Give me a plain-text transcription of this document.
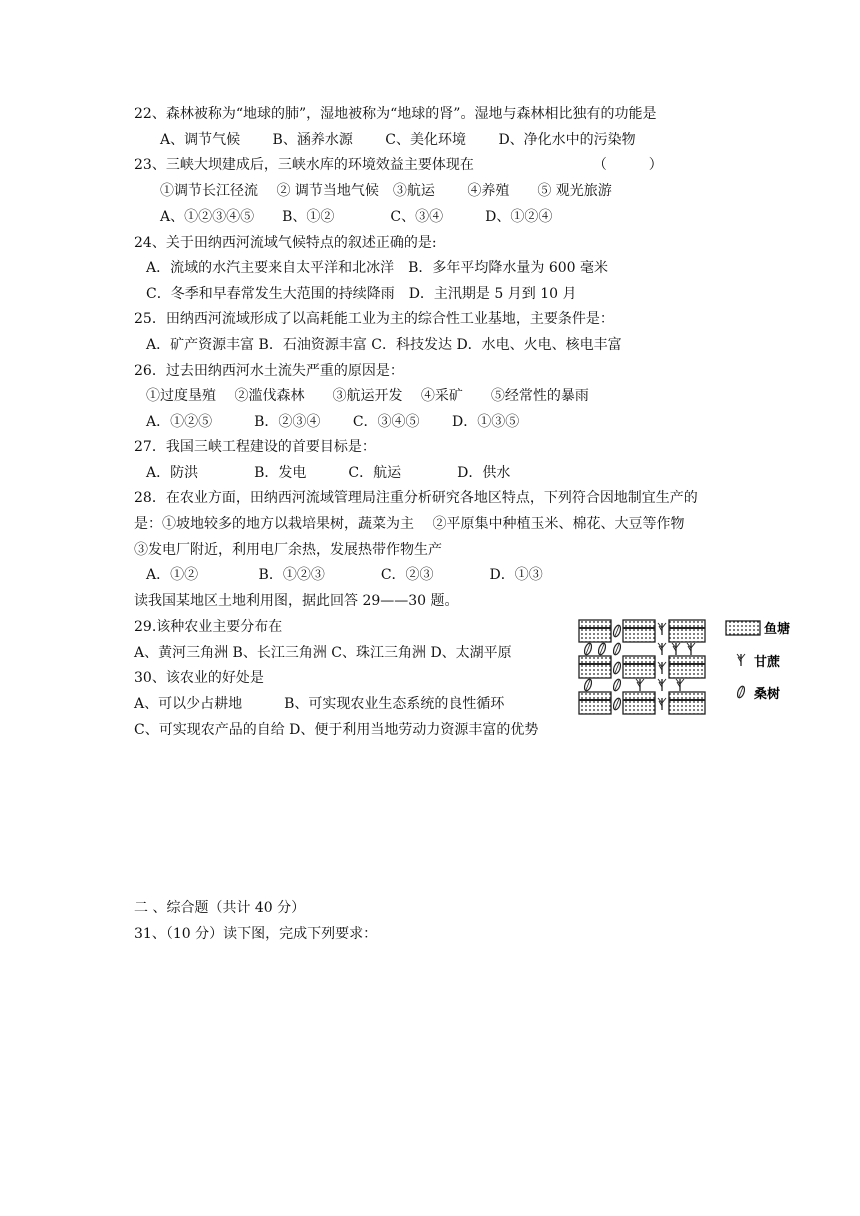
22、森林被称为“地球的肺”，湿地被称为“地球的肾”。湿地与森林相比独有的功能是
A、调节气候　　 B、涵养水源　　 C、美化环境　　 D、净化水中的污染物
23、三峡大坝建成后，三峡水库的环境效益主要体现在　　　　　　　　　（　　　）
①调节长江径流　 ② 调节当地气候　③航运　　 ④养殖　　⑤ 观光旅游
A、①②③④⑤　　B、①②　　　　C、③④　　　D、①②④
24、关于田纳西河流域气候特点的叙述正确的是:
A．流域的水汽主要来自太平洋和北冰洋　B．多年平均降水量为 600 毫米
C．冬季和早春常发生大范围的持续降雨　D．主汛期是 5 月到 10 月
25．田纳西河流域形成了以高耗能工业为主的综合性工业基地，主要条件是：
A．矿产资源丰富 B．石油资源丰富 C．科技发达 D．水电、火电、核电丰富
26．过去田纳西河水土流失严重的原因是：
①过度垦殖　 ②滥伐森林　　③航运开发　 ④采矿　　⑤经常性的暴雨
A．①②⑤　　　B．②③④　　 C．③④⑤　　 D．①③⑤
27．我国三峡工程建设的首要目标是：
A．防洪　　　　B．发电　　　C．航运　　　　D．供水
28．在农业方面，田纳西河流域管理局注重分析研究各地区特点，下列符合因地制宜生产的
是：①坡地较多的地方以栽培果树，蔬菜为主　 ②平原集中种植玉米、棉花、大豆等作物
③发电厂附近，利用电厂余热，发展热带作物生产
A．①②　　　　 B．①②③　　　　C．②③　　　　D．①③
读我国某地区土地利用图，据此回答 29——30 题。
29.该种农业主要分布在
A、黄河三角洲 B、长江三角洲 C、珠江三角洲 D、太湖平原
30、该农业的好处是
A、可以少占耕地　　　B、可实现农业生态系统的良性循环
C、可实现农产品的自给 D、便于利用当地劳动力资源丰富的优势
鱼塘
甘蔗
桑树
二 、综合题（共计 40 分）
31、（10 分）读下图，完成下列要求：
